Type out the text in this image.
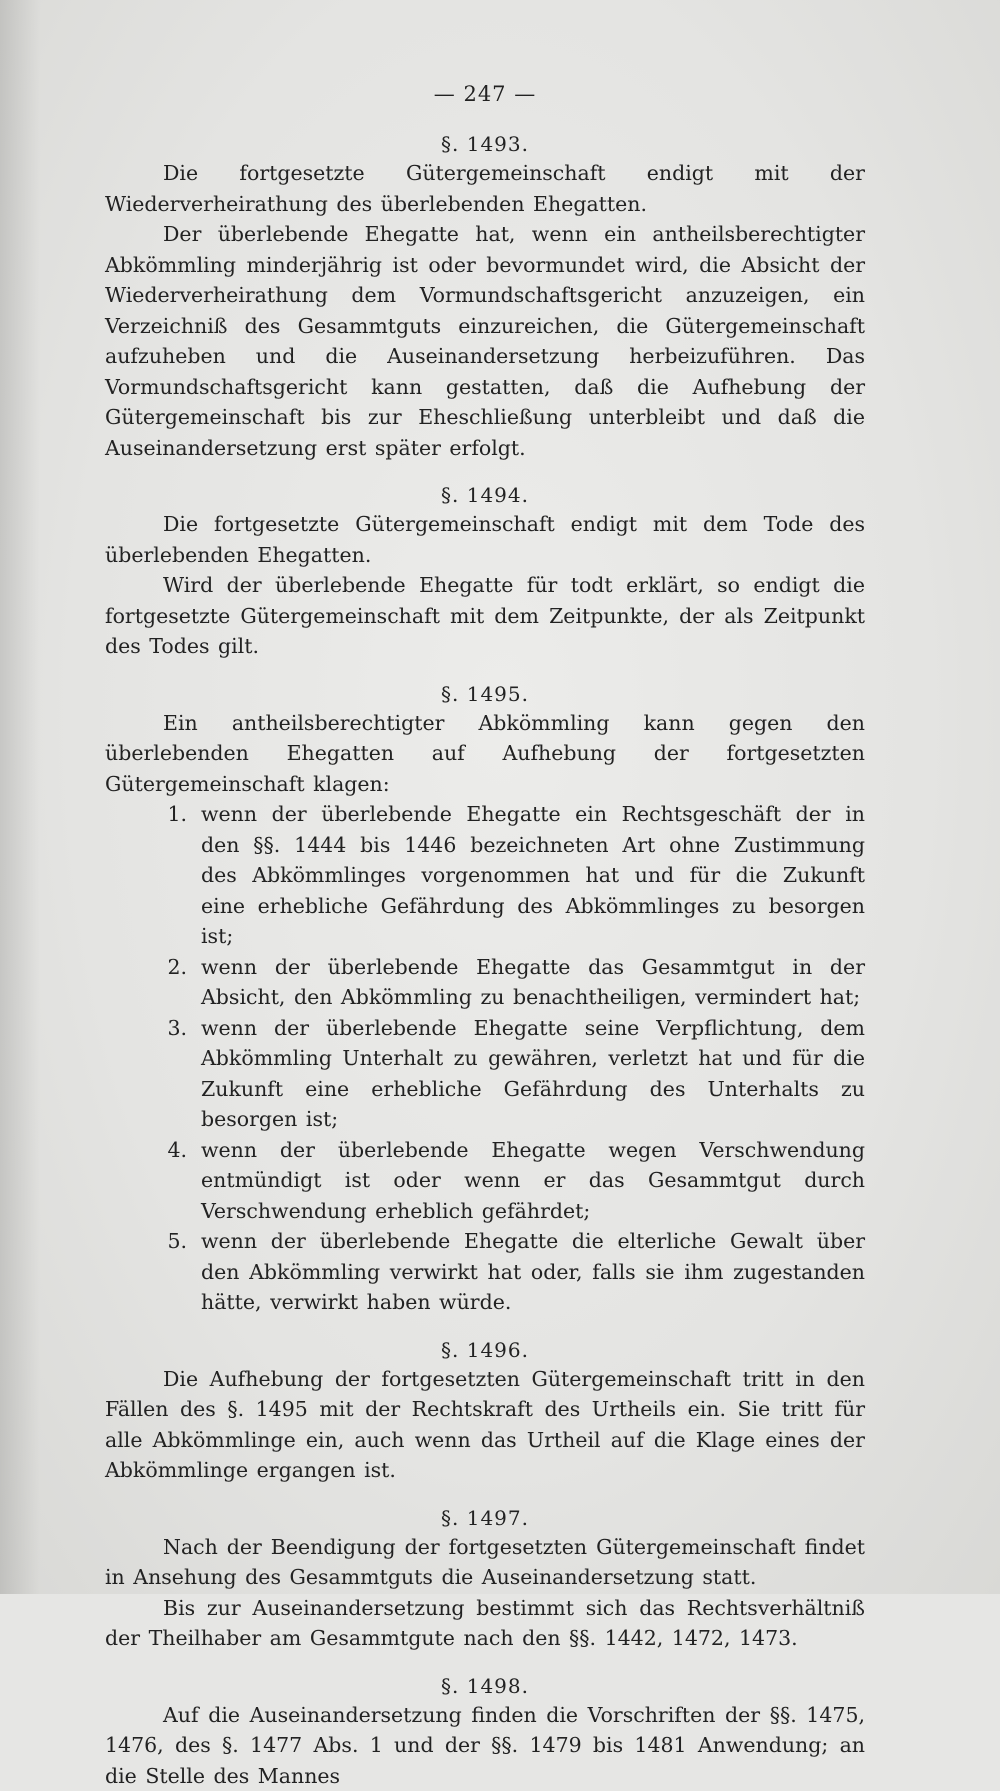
— 247 —
§. 1493.

Die fortgesetzte Gütergemeinschaft endigt mit der Wiederverheirathung des überlebenden Ehegatten.

Der überlebende Ehegatte hat, wenn ein antheilsberechtigter Abkömmling minderjährig ist oder bevormundet wird, die Absicht der Wiederverheirathung dem Vormundschaftsgericht anzuzeigen, ein Verzeichniß des Gesammtguts einzureichen, die Gütergemeinschaft aufzuheben und die Auseinandersetzung herbeizuführen. Das Vormundschaftsgericht kann gestatten, daß die Aufhebung der Gütergemeinschaft bis zur Eheschließung unterbleibt und daß die Auseinandersetzung erst später erfolgt.

§. 1494.

Die fortgesetzte Gütergemeinschaft endigt mit dem Tode des überlebenden Ehegatten.

Wird der überlebende Ehegatte für todt erklärt, so endigt die fortgesetzte Gütergemeinschaft mit dem Zeitpunkte, der als Zeitpunkt des Todes gilt.

§. 1495.

Ein antheilsberechtigter Abkömmling kann gegen den überlebenden Ehegatten auf Aufhebung der fortgesetzten Gütergemeinschaft klagen:

1. wenn der überlebende Ehegatte ein Rechtsgeschäft der in den §§. 1444 bis 1446 bezeichneten Art ohne Zustimmung des Abkömmlinges vorgenommen hat und für die Zukunft eine erhebliche Gefährdung des Abkömmlinges zu besorgen ist;
2. wenn der überlebende Ehegatte das Gesammtgut in der Absicht, den Abkömmling zu benachtheiligen, vermindert hat;
3. wenn der überlebende Ehegatte seine Verpflichtung, dem Abkömmling Unterhalt zu gewähren, verletzt hat und für die Zukunft eine erhebliche Gefährdung des Unterhalts zu besorgen ist;
4. wenn der überlebende Ehegatte wegen Verschwendung entmündigt ist oder wenn er das Gesammtgut durch Verschwendung erheblich gefährdet;
5. wenn der überlebende Ehegatte die elterliche Gewalt über den Abkömmling verwirkt hat oder, falls sie ihm zugestanden hätte, verwirkt haben würde.
§. 1496.

Die Aufhebung der fortgesetzten Gütergemeinschaft tritt in den Fällen des §. 1495 mit der Rechtskraft des Urtheils ein. Sie tritt für alle Abkömmlinge ein, auch wenn das Urtheil auf die Klage eines der Abkömmlinge ergangen ist.

§. 1497.

Nach der Beendigung der fortgesetzten Gütergemeinschaft findet in Ansehung des Gesammtguts die Auseinandersetzung statt.

Bis zur Auseinandersetzung bestimmt sich das Rechtsverhältniß der Theilhaber am Gesammtgute nach den §§. 1442, 1472, 1473.

§. 1498.

Auf die Auseinandersetzung finden die Vorschriften der §§. 1475, 1476, des §. 1477 Abs. 1 und der §§. 1479 bis 1481 Anwendung; an die Stelle des Mannes
